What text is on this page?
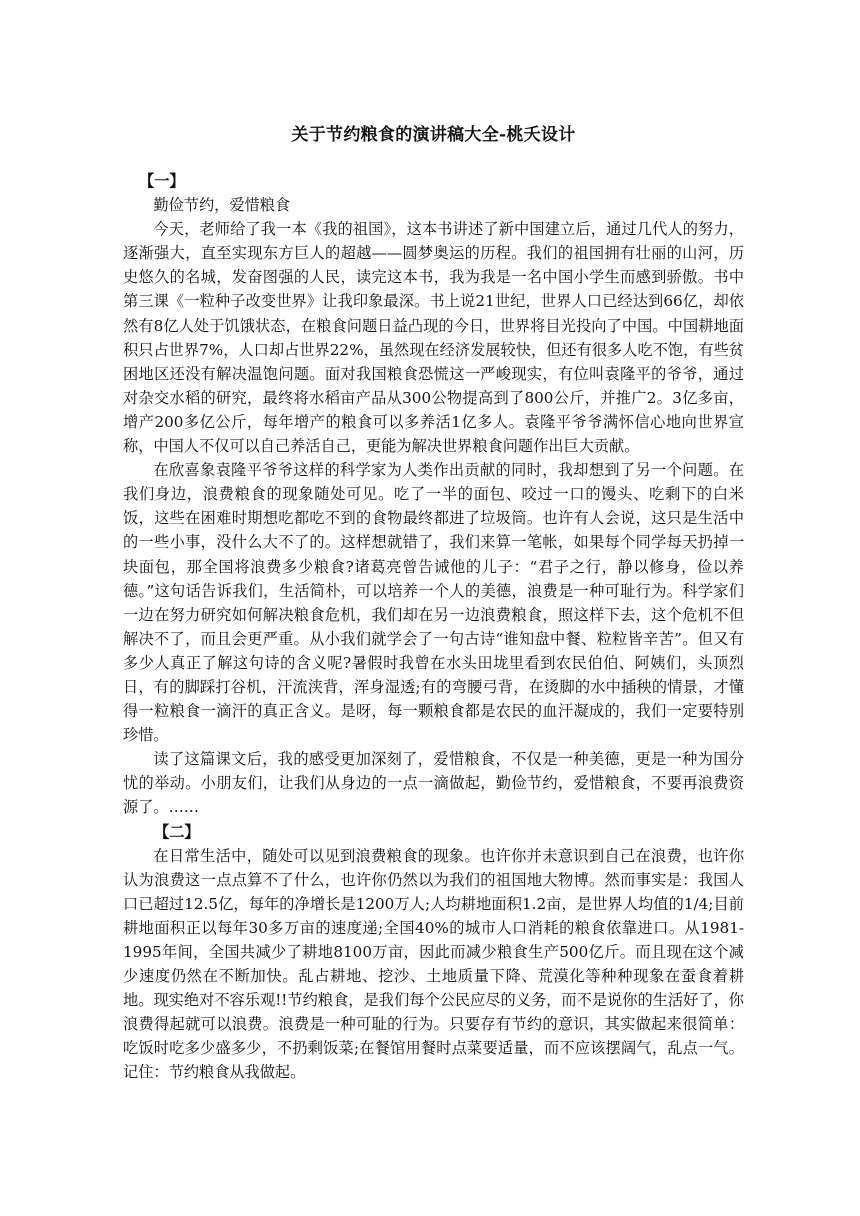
关于节约粮食的演讲稿大全-桃夭设计
【一】

勤俭节约，爱惜粮食

今天，老师给了我一本《我的祖国》，这本书讲述了新中国建立后，通过几代人的努力，逐渐强大，直至实现东方巨人的超越——圆梦奥运的历程。我们的祖国拥有壮丽的山河，历史悠久的名城，发奋图强的人民，读完这本书，我为我是一名中国小学生而感到骄傲。书中第三课《一粒种子改变世界》让我印象最深。书上说21世纪，世界人口已经达到66亿，却依然有8亿人处于饥饿状态，在粮食问题日益凸现的今日，世界将目光投向了中国。中国耕地面积只占世界7%，人口却占世界22%，虽然现在经济发展较快，但还有很多人吃不饱，有些贫困地区还没有解决温饱问题。面对我国粮食恐慌这一严峻现实，有位叫袁隆平的爷爷，通过对杂交水稻的研究，最终将水稻亩产品从300公物提高到了800公斤，并推广2。3亿多亩，增产200多亿公斤，每年增产的粮食可以多养活1亿多人。袁隆平爷爷满怀信心地向世界宣称，中国人不仅可以自己养活自己，更能为解决世界粮食问题作出巨大贡献。

在欣喜象袁隆平爷爷这样的科学家为人类作出贡献的同时，我却想到了另一个问题。在我们身边，浪费粮食的现象随处可见。吃了一半的面包、咬过一口的馒头、吃剩下的白米饭，这些在困难时期想吃都吃不到的食物最终都进了垃圾筒。也许有人会说，这只是生活中的一些小事，没什么大不了的。这样想就错了，我们来算一笔帐，如果每个同学每天扔掉一块面包，那全国将浪费多少粮食?诸葛亮曾告诫他的儿子：“君子之行，静以修身，俭以养德。”这句话告诉我们，生活简朴，可以培养一个人的美德，浪费是一种可耻行为。科学家们一边在努力研究如何解决粮食危机，我们却在另一边浪费粮食，照这样下去，这个危机不但解决不了，而且会更严重。从小我们就学会了一句古诗“谁知盘中餐、粒粒皆辛苦”。但又有多少人真正了解这句诗的含义呢?暑假时我曾在水头田垅里看到农民伯伯、阿姨们，头顶烈日，有的脚踩打谷机，汗流浃背，浑身湿透;有的弯腰弓背，在烫脚的水中插秧的情景，才懂得一粒粮食一滴汗的真正含义。是呀，每一颗粮食都是农民的血汗凝成的，我们一定要特别珍惜。

读了这篇课文后，我的感受更加深刻了，爱惜粮食，不仅是一种美德，更是一种为国分忧的举动。小朋友们，让我们从身边的一点一滴做起，勤俭节约，爱惜粮食，不要再浪费资源了。……

【二】

在日常生活中，随处可以见到浪费粮食的现象。也许你并未意识到自己在浪费，也许你认为浪费这一点点算不了什么，也许你仍然以为我们的祖国地大物博。然而事实是：我国人口已超过12.5亿，每年的净增长是1200万人;人均耕地面积1.2亩，是世界人均值的1/4;目前耕地面积正以每年30多万亩的速度递;全国40%的城市人口消耗的粮食依靠进口。从1981-1995年间，全国共减少了耕地8100万亩，因此而减少粮食生产500亿斤。而且现在这个减少速度仍然在不断加快。乱占耕地、挖沙、土地质量下降、荒漠化等种种现象在蚕食着耕地。现实绝对不容乐观!!节约粮食，是我们每个公民应尽的义务，而不是说你的生活好了，你浪费得起就可以浪费。浪费是一种可耻的行为。只要存有节约的意识，其实做起来很简单：吃饭时吃多少盛多少，不扔剩饭菜;在餐馆用餐时点菜要适量，而不应该摆阔气，乱点一气。记住：节约粮食从我做起。
